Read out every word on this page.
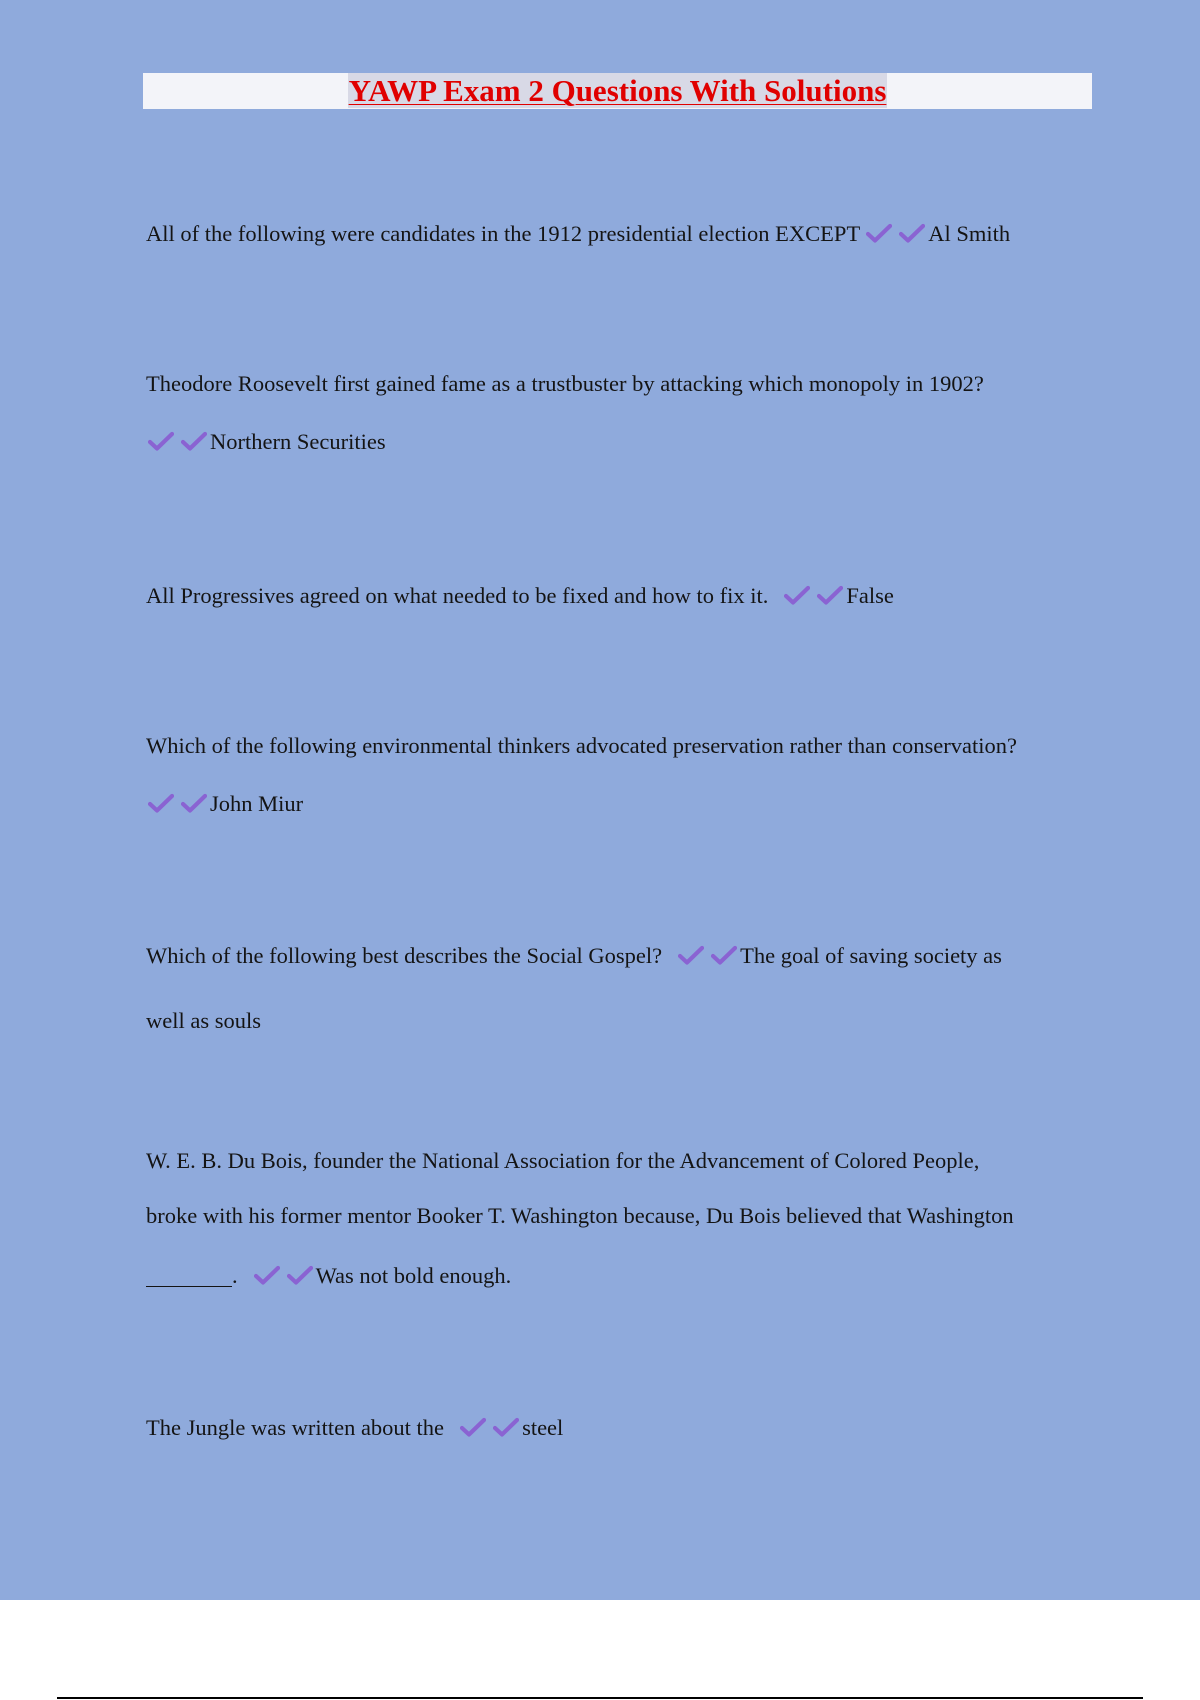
YAWP Exam 2 Questions With Solutions
All of the following were candidates in the 1912 presidential election EXCEPT	Al Smith
Theodore Roosevelt first gained fame as a trustbuster by attacking which monopoly in 1902?
Northern Securities
All Progressives agreed on what needed to be fixed and how to fix it.	False
Which of the following environmental thinkers advocated preservation rather than conservation?
John Miur
Which of the following best describes the Social Gospel?	The goal of saving society as
well as souls
W. E. B. Du Bois, founder the National Association for the Advancement of Colored People,
broke with his former mentor Booker T. Washington because, Du Bois believed that Washington
.	Was not bold enough.
The Jungle was written about the	steel
